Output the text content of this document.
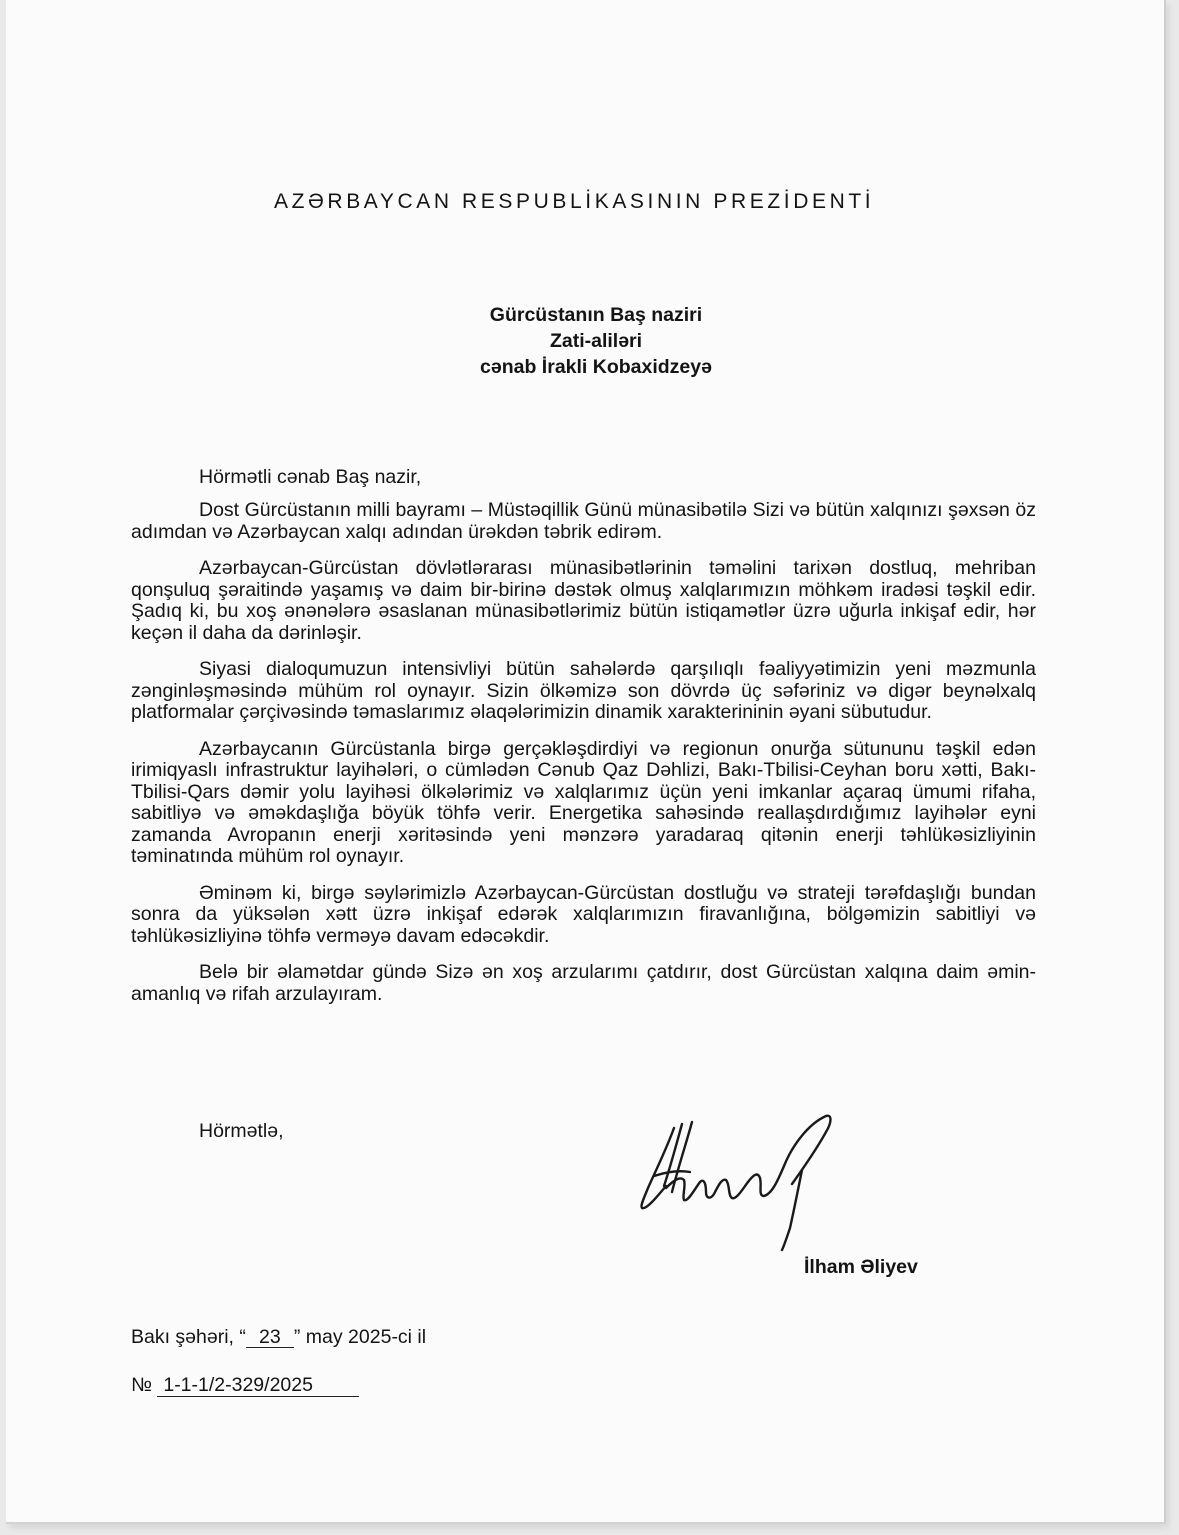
AZƏRBAYCAN RESPUBLİKASININ PREZİDENTİ
Gürcüstanın Baş naziri
Zati-aliləri
cənab İrakli Kobaxidzeyə
Hörmətli cənab Baş nazir,

Dost Gürcüstanın milli bayramı – Müstəqillik Günü münasibətilə Sizi və bütün xalqınızı şəxsən öz adımdan və Azərbaycan xalqı adından ürəkdən təbrik edirəm.

Azərbaycan-Gürcüstan dövlətlərarası münasibətlərinin təməlini tarixən dostluq, mehriban qonşuluq şəraitində yaşamış və daim bir-birinə dəstək olmuş xalqlarımızın möhkəm iradəsi təşkil edir. Şadıq ki, bu xoş ənənələrə əsaslanan münasibətlərimiz bütün istiqamətlər üzrə uğurla inkişaf edir, hər keçən il daha da dərinləşir.

Siyasi dialoqumuzun intensivliyi bütün sahələrdə qarşılıqlı fəaliyyətimizin yeni məzmunla zənginləşməsində mühüm rol oynayır. Sizin ölkəmizə son dövrdə üç səfəriniz və digər beynəlxalq platformalar çərçivəsində təmaslarımız əlaqələrimizin dinamik xarakterininin əyani sübutudur.

Azərbaycanın Gürcüstanla birgə gerçəkləşdirdiyi və regionun onurğa sütununu təşkil edən irimiqyaslı infrastruktur layihələri, o cümlədən Cənub Qaz Dəhlizi, Bakı-Tbilisi-Ceyhan boru xətti, Bakı-Tbilisi-Qars dəmir yolu layihəsi ölkələrimiz və xalqlarımız üçün yeni imkanlar açaraq ümumi rifaha, sabitliyə və əməkdaşlığa böyük töhfə verir. Energetika sahəsində reallaşdırdığımız layihələr eyni zamanda Avropanın enerji xəritəsində yeni mənzərə yaradaraq qitənin enerji təhlükəsizliyinin təminatında mühüm rol oynayır.

Əminəm ki, birgə səylərimizlə Azərbaycan-Gürcüstan dostluğu və strateji tərəfdaşlığı bundan sonra da yüksələn xətt üzrə inkişaf edərək xalqlarımızın firavanlığına, bölgəmizin sabitliyi və təhlükəsizliyinə töhfə verməyə davam edəcəkdir.

Belə bir əlamətdar gündə Sizə ən xoş arzularımı çatdırır, dost Gürcüstan xalqına daim əmin-amanlıq və rifah arzulayıram.

Hörmətlə,
İlham Əliyev
Bakı şəhəri, “ 23 ” may 2025-ci il
№ 1-1-1/2-329/2025
